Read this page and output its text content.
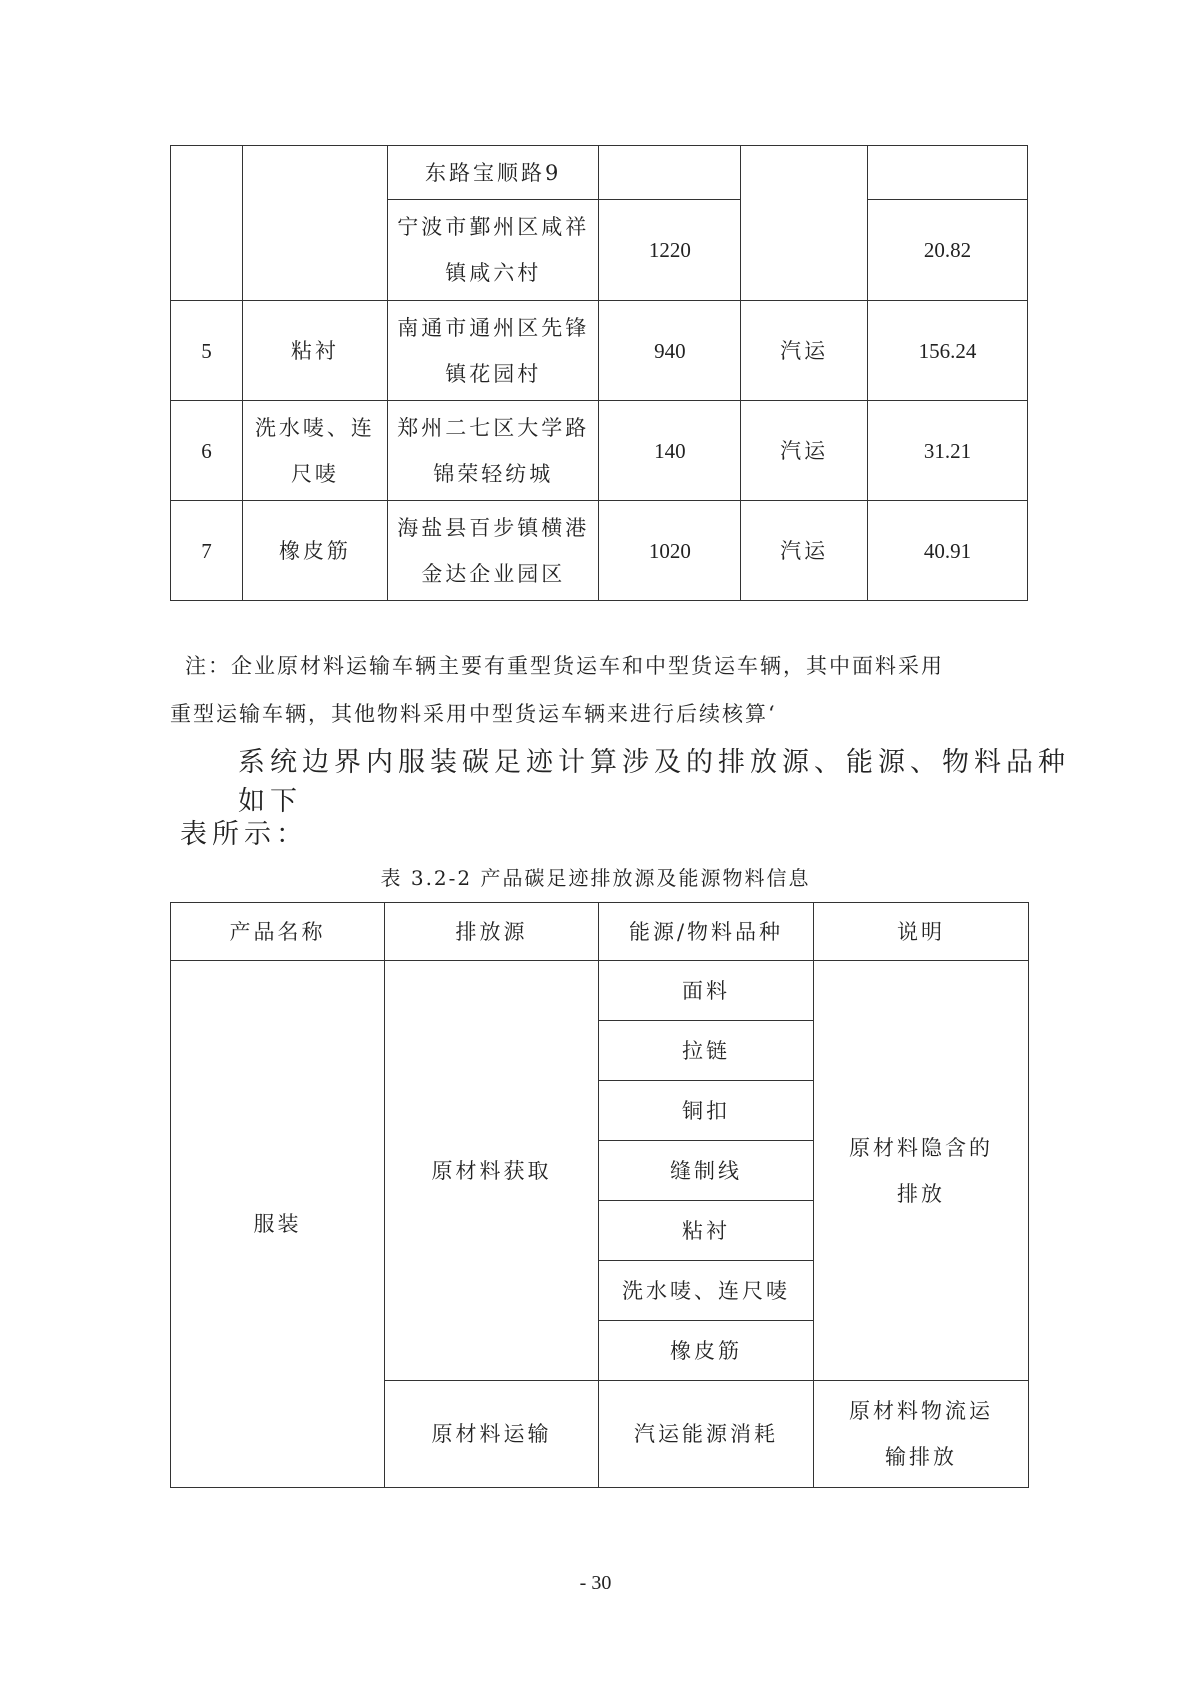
		东路宝顺路9			
		宁波市鄞州区咸祥镇咸六村	1220		20.82
5	粘衬	南通市通州区先锋镇花园村	940	汽运	156.24
6	洗水唛、连尺唛	郑州二七区大学路锦荣轻纺城	140	汽运	31.21
7	橡皮筋	海盐县百步镇横港金达企业园区	1020	汽运	40.91
注：企业原材料运输车辆主要有重型货运车和中型货运车辆，其中面料采用
重型运输车辆，其他物料采用中型货运车辆来进行后续核算‘
系统边界内服装碳足迹计算涉及的排放源、能源、物料品种如下
表所示：
表 3.2-2 产品碳足迹排放源及能源物料信息
产品名称	排放源	能源/物料品种	说明
服装	原材料获取	面料	原材料隐含的排放
		拉链	
		铜扣	
		缝制线	
		粘衬	
		洗水唛、连尺唛	
		橡皮筋	
	原材料运输	汽运能源消耗	原材料物流运输排放
- 30
